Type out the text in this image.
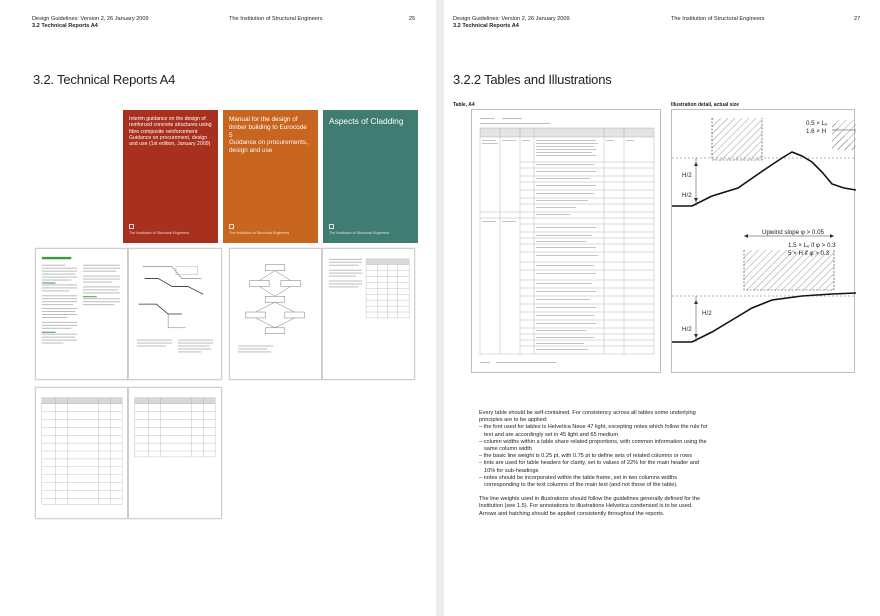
Design Guidelines: Version 2, 26 January 2009
3.2 Technical Reports A4
The Institution of Structural Engineers	25
3.2. Technical Reports A4
Interim guidance on the design of reinforced concrete structures using fibre composite reinforcement
Guidance on procurement, design and use (1st edition, January 2009)

The Institution of Structural Engineers
Manual for the design of timber building to Eurocode 5
Guidance on procurements, design and use

The Institution of Structural Engineers
Aspects of Cladding

The Institution of Structural Engineers
Design Guidelines: Version 2, 26 January 2009
3.2 Technical Reports A4
The Institution of Structural Engineers	27
3.2.2 Tables and Illustrations
Table, A4	Illustration detail, actual size
0.5 × Lₑ
1.6 × H
H/2
H/2
Upwind slope φ > 0.05
1.5 × Lₑ if φ > 0.3
5 × H if φ > 0.3
H/2
H/2

Every table should be self-contained. For consistency across all tables some underlying principles are to be applied:

– the font used for tables is Helvetica Neue 47 light, excepting notes which follow the rule for text and are accordingly set in 45 light and 65 medium
– column widths within a table share related proportions, with common information using the same column width
– the basic line weight is 0.25 pt, with 0.75 pt to define sets of related columns or rows
– tints are used for table headers for clarity, set to values of 22% for the main header and 10% for sub-headings
– notes should be incorporated within the table frame, set in two columns widths corresponding to the text columns of the main text (and not those of the table).

The line weights used in illustrations should follow the guidelines generally defined for the Institution (see 1.5). For annotations to illustrations Helvetica condensed is to be used. Arrows and hatching should be applied consistently throughout the reports.
